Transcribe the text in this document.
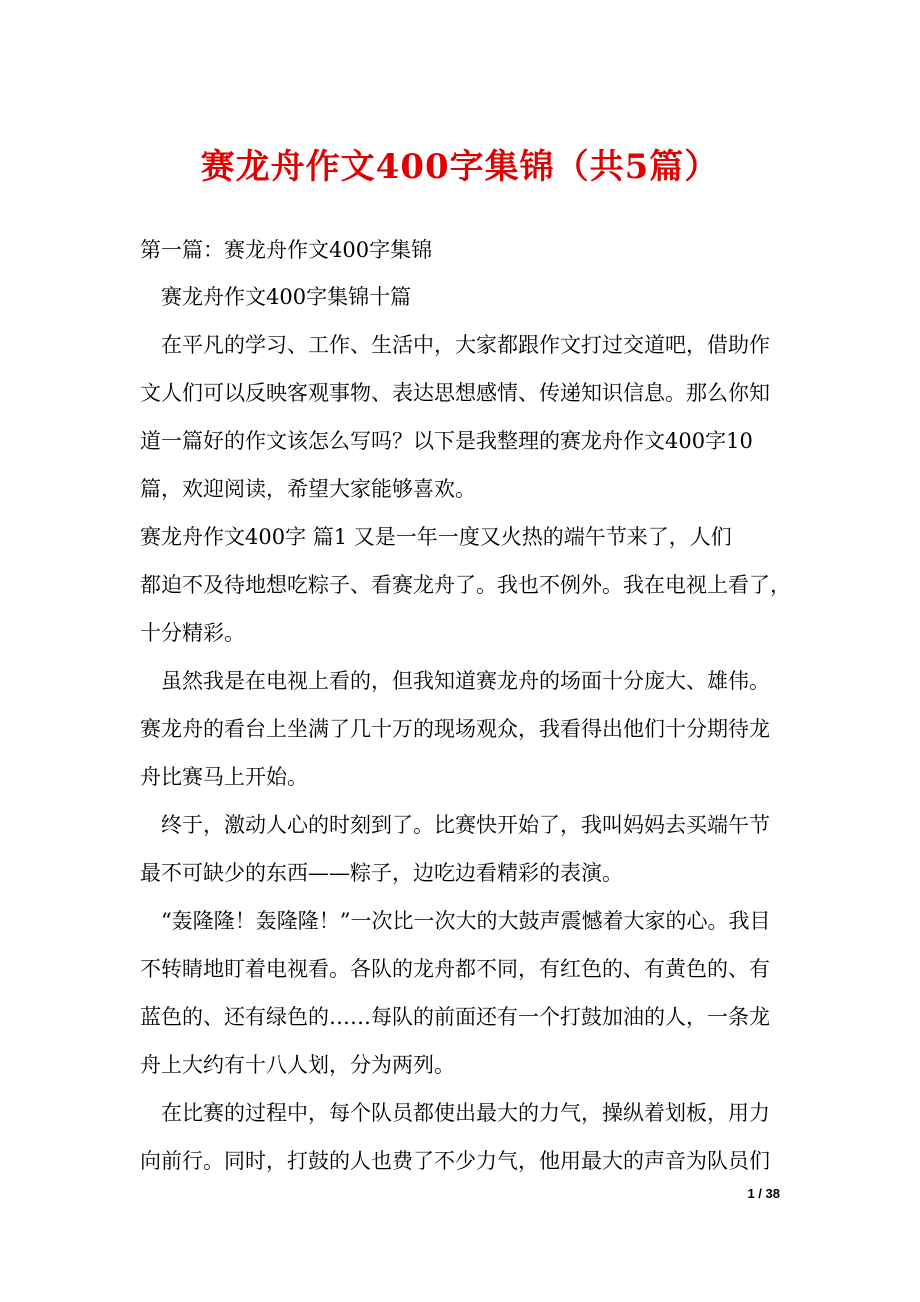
赛龙舟作文400字集锦（共5篇）
第一篇：赛龙舟作文400字集锦
赛龙舟作文400字集锦十篇
在平凡的学习、工作、生活中，大家都跟作文打过交道吧，借助作
文人们可以反映客观事物、表达思想感情、传递知识信息。那么你知
道一篇好的作文该怎么写吗？以下是我整理的赛龙舟作文400字10
篇，欢迎阅读，希望大家能够喜欢。
赛龙舟作文400字 篇1 又是一年一度又火热的端午节来了，人们
都迫不及待地想吃粽子、看赛龙舟了。我也不例外。我在电视上看了，
十分精彩。
虽然我是在电视上看的，但我知道赛龙舟的场面十分庞大、雄伟。
赛龙舟的看台上坐满了几十万的现场观众，我看得出他们十分期待龙
舟比赛马上开始。
终于，激动人心的时刻到了。比赛快开始了，我叫妈妈去买端午节
最不可缺少的东西——粽子，边吃边看精彩的表演。
“轰隆隆！轰隆隆！”一次比一次大的大鼓声震憾着大家的心。我目
不转睛地盯着电视看。各队的龙舟都不同，有红色的、有黄色的、有
蓝色的、还有绿色的……每队的前面还有一个打鼓加油的人，一条龙
舟上大约有十八人划，分为两列。
在比赛的过程中，每个队员都使出最大的力气，操纵着划板，用力
向前行。同时，打鼓的人也费了不少力气，他用最大的声音为队员们
1 / 38
